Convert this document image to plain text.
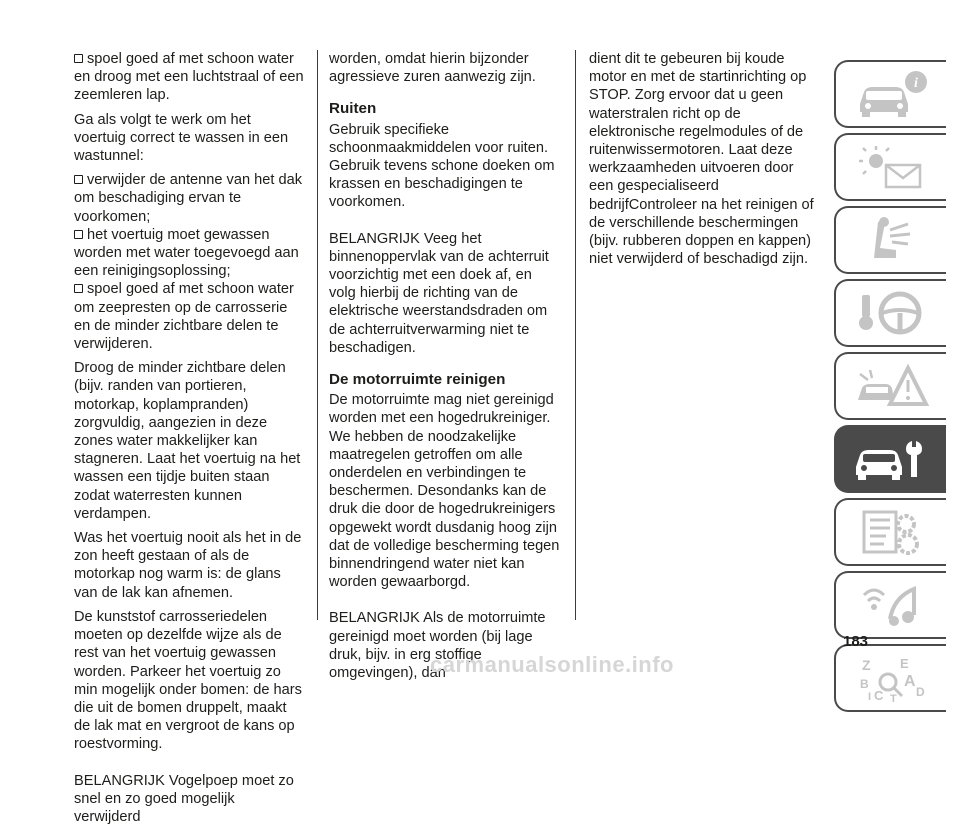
spoel goed af met schoon water en droog met een luchtstraal of een zeemleren lap.

Ga als volgt te werk om het voertuig correct te wassen in een wastunnel:

verwijder de antenne van het dak om beschadiging ervan te voorkomen;
het voertuig moet gewassen worden met water toegevoegd aan een reinigingsoplossing;

spoel goed af met schoon water om zeepresten op de carrosserie en de minder zichtbare delen te verwijderen.

Droog de minder zichtbare delen (bijv. randen van portieren, motorkap, koplampranden) zorgvuldig, aangezien in deze zones water makkelijker kan stagneren. Laat het voertuig na het wassen een tijdje buiten staan zodat waterresten kunnen verdampen.

Was het voertuig nooit als het in de zon heeft gestaan of als de motorkap nog warm is: de glans van de lak kan afnemen.

De kunststof carrosseriedelen moeten op dezelfde wijze als de rest van het voertuig gewassen worden. Parkeer het voertuig zo min mogelijk onder bomen: de hars die uit de bomen druppelt, maakt de lak mat en vergroot de kans op roestvorming.

BELANGRIJK Vogelpoep moet zo snel en zo goed mogelijk verwijderd

worden, omdat hierin bijzonder agressieve zuren aanwezig zijn.

Ruiten

Gebruik specifieke schoonmaakmiddelen voor ruiten. Gebruik tevens schone doeken om krassen en beschadigingen te voorkomen.

BELANGRIJK Veeg het binnenoppervlak van de achterruit voorzichtig met een doek af, en volg hierbij de richting van de elektrische weerstandsdraden om de achterruitverwarming niet te beschadigen.

De motorruimte reinigen

De motorruimte mag niet gereinigd worden met een hogedrukreiniger. We hebben de noodzakelijke maatregelen getroffen om alle onderdelen en verbindingen te beschermen. Desondanks kan de druk die door de hogedrukreinigers opgewekt wordt dusdanig hoog zijn dat de volledige bescherming tegen binnendringend water niet kan worden gewaarborgd.

BELANGRIJK Als de motorruimte gereinigd moet worden (bij lage druk, bijv. in erg stoffige omgevingen), dan

dient dit te gebeuren bij koude motor en met de startinrichting op STOP. Zorg ervoor dat u geen waterstralen richt op de elektronische regelmodules of de ruitenwissermotoren. Laat deze werkzaamheden uitvoeren door een gespecialiseerd bedrijfControleer na het reinigen of de verschillende beschermingen (bijv. rubberen doppen en kappen) niet verwijderd of beschadigd zijn.

i
Z E
B
C
A
I T D
183
carmanualsonline.info
